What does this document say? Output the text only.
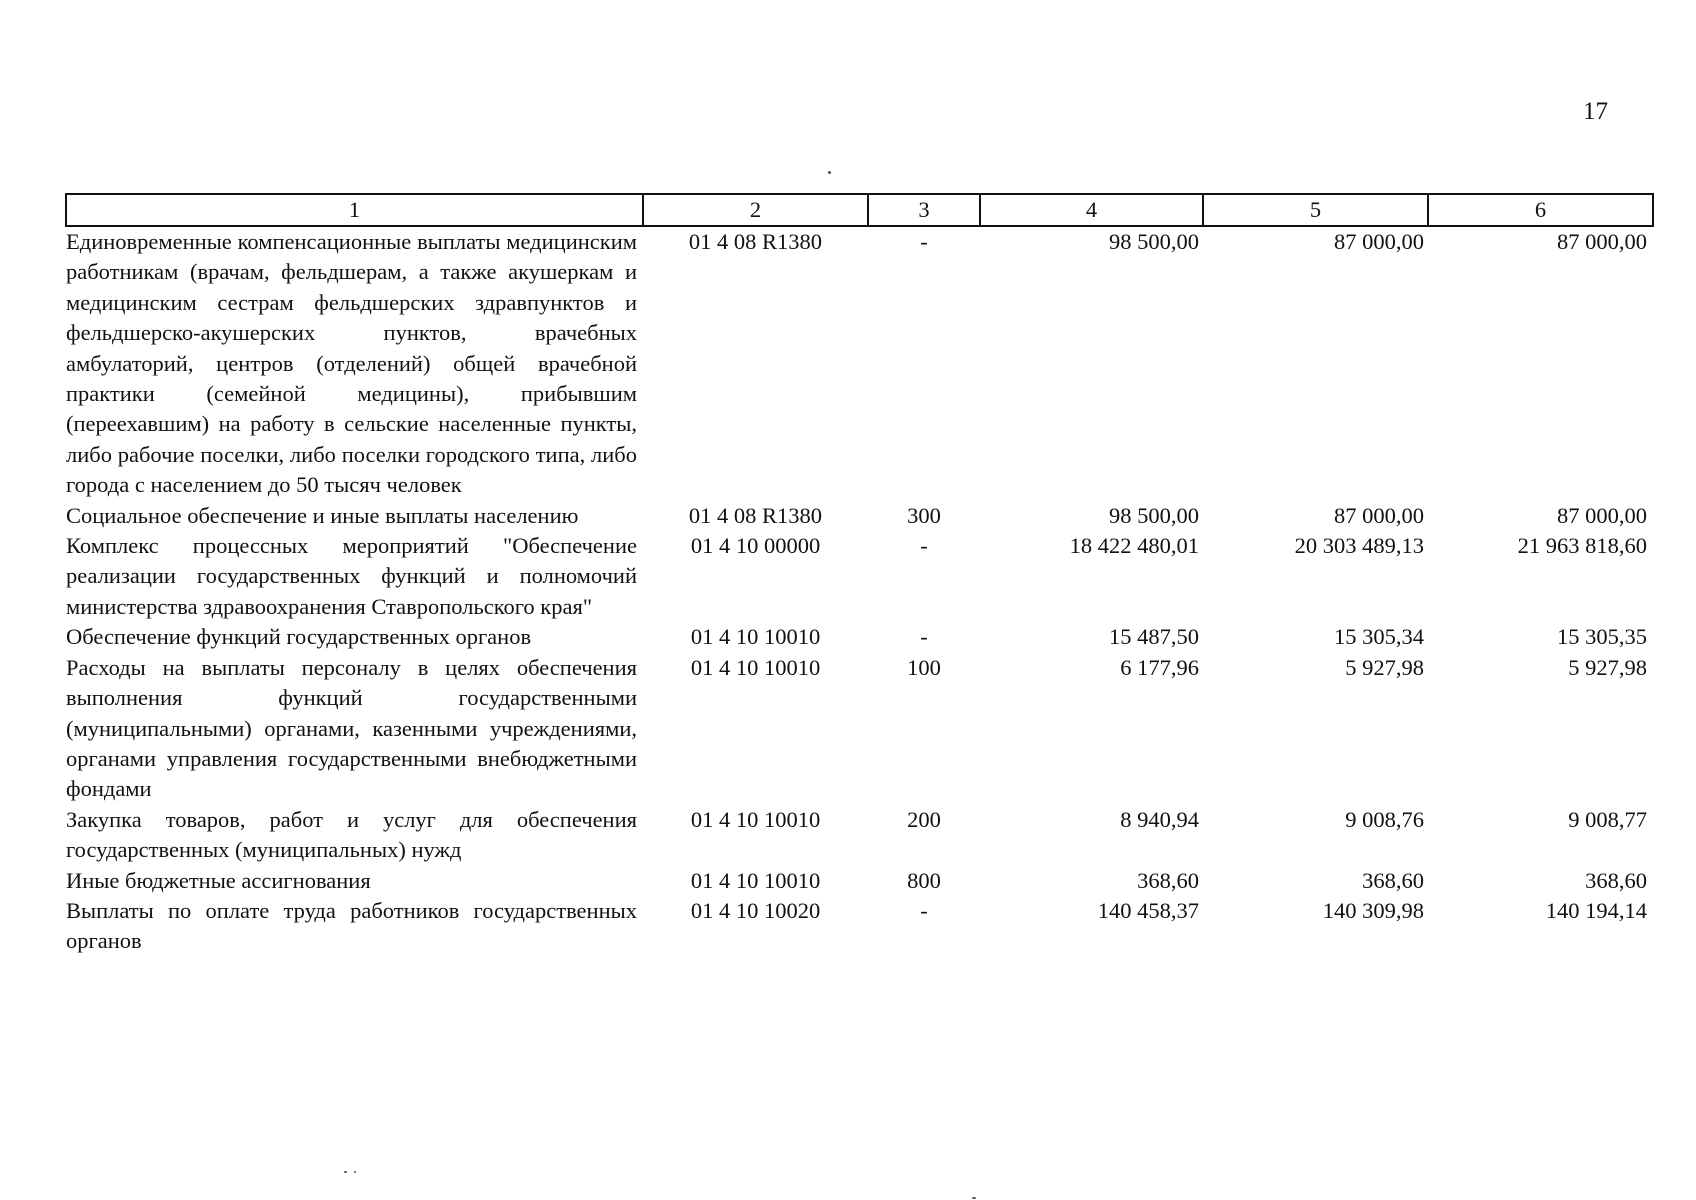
17
1	2	3	4	5	6
Единовременные компенсационные выплаты медицинским работникам (врачам, фельдшерам, а также акушеркам и медицинским сестрам фельдшерских здравпунктов и фельдшерско-акушерских пунктов, врачебных амбулаторий, центров (отделений) общей врачебной практики (семейной медицины), прибывшим (переехавшим) на работу в сельские населенные пункты, либо рабочие поселки, либо поселки городского типа, либо города с населением до 50 тысяч человек	01 4 08 R1380	-	98 500,00	87 000,00	87 000,00
Социальное обеспечение и иные выплаты населению	01 4 08 R1380	300	98 500,00	87 000,00	87 000,00
Комплекс процессных мероприятий "Обеспечение реализации государственных функций и полномочий министерства здравоохранения Ставропольского края"	01 4 10 00000	-	18 422 480,01	20 303 489,13	21 963 818,60
Обеспечение функций государственных органов	01 4 10 10010	-	15 487,50	15 305,34	15 305,35
Расходы на выплаты персоналу в целях обеспечения выполнения функций государственными (муниципальными) органами, казенными учреждениями, органами управления государственными внебюджетными фондами	01 4 10 10010	100	6 177,96	5 927,98	5 927,98
Закупка товаров, работ и услуг для обеспечения государственных (муниципальных) нужд	01 4 10 10010	200	8 940,94	9 008,76	9 008,77
Иные бюджетные ассигнования	01 4 10 10010	800	368,60	368,60	368,60
Выплаты по оплате труда работников государственных органов	01 4 10 10020	-	140 458,37	140 309,98	140 194,14
